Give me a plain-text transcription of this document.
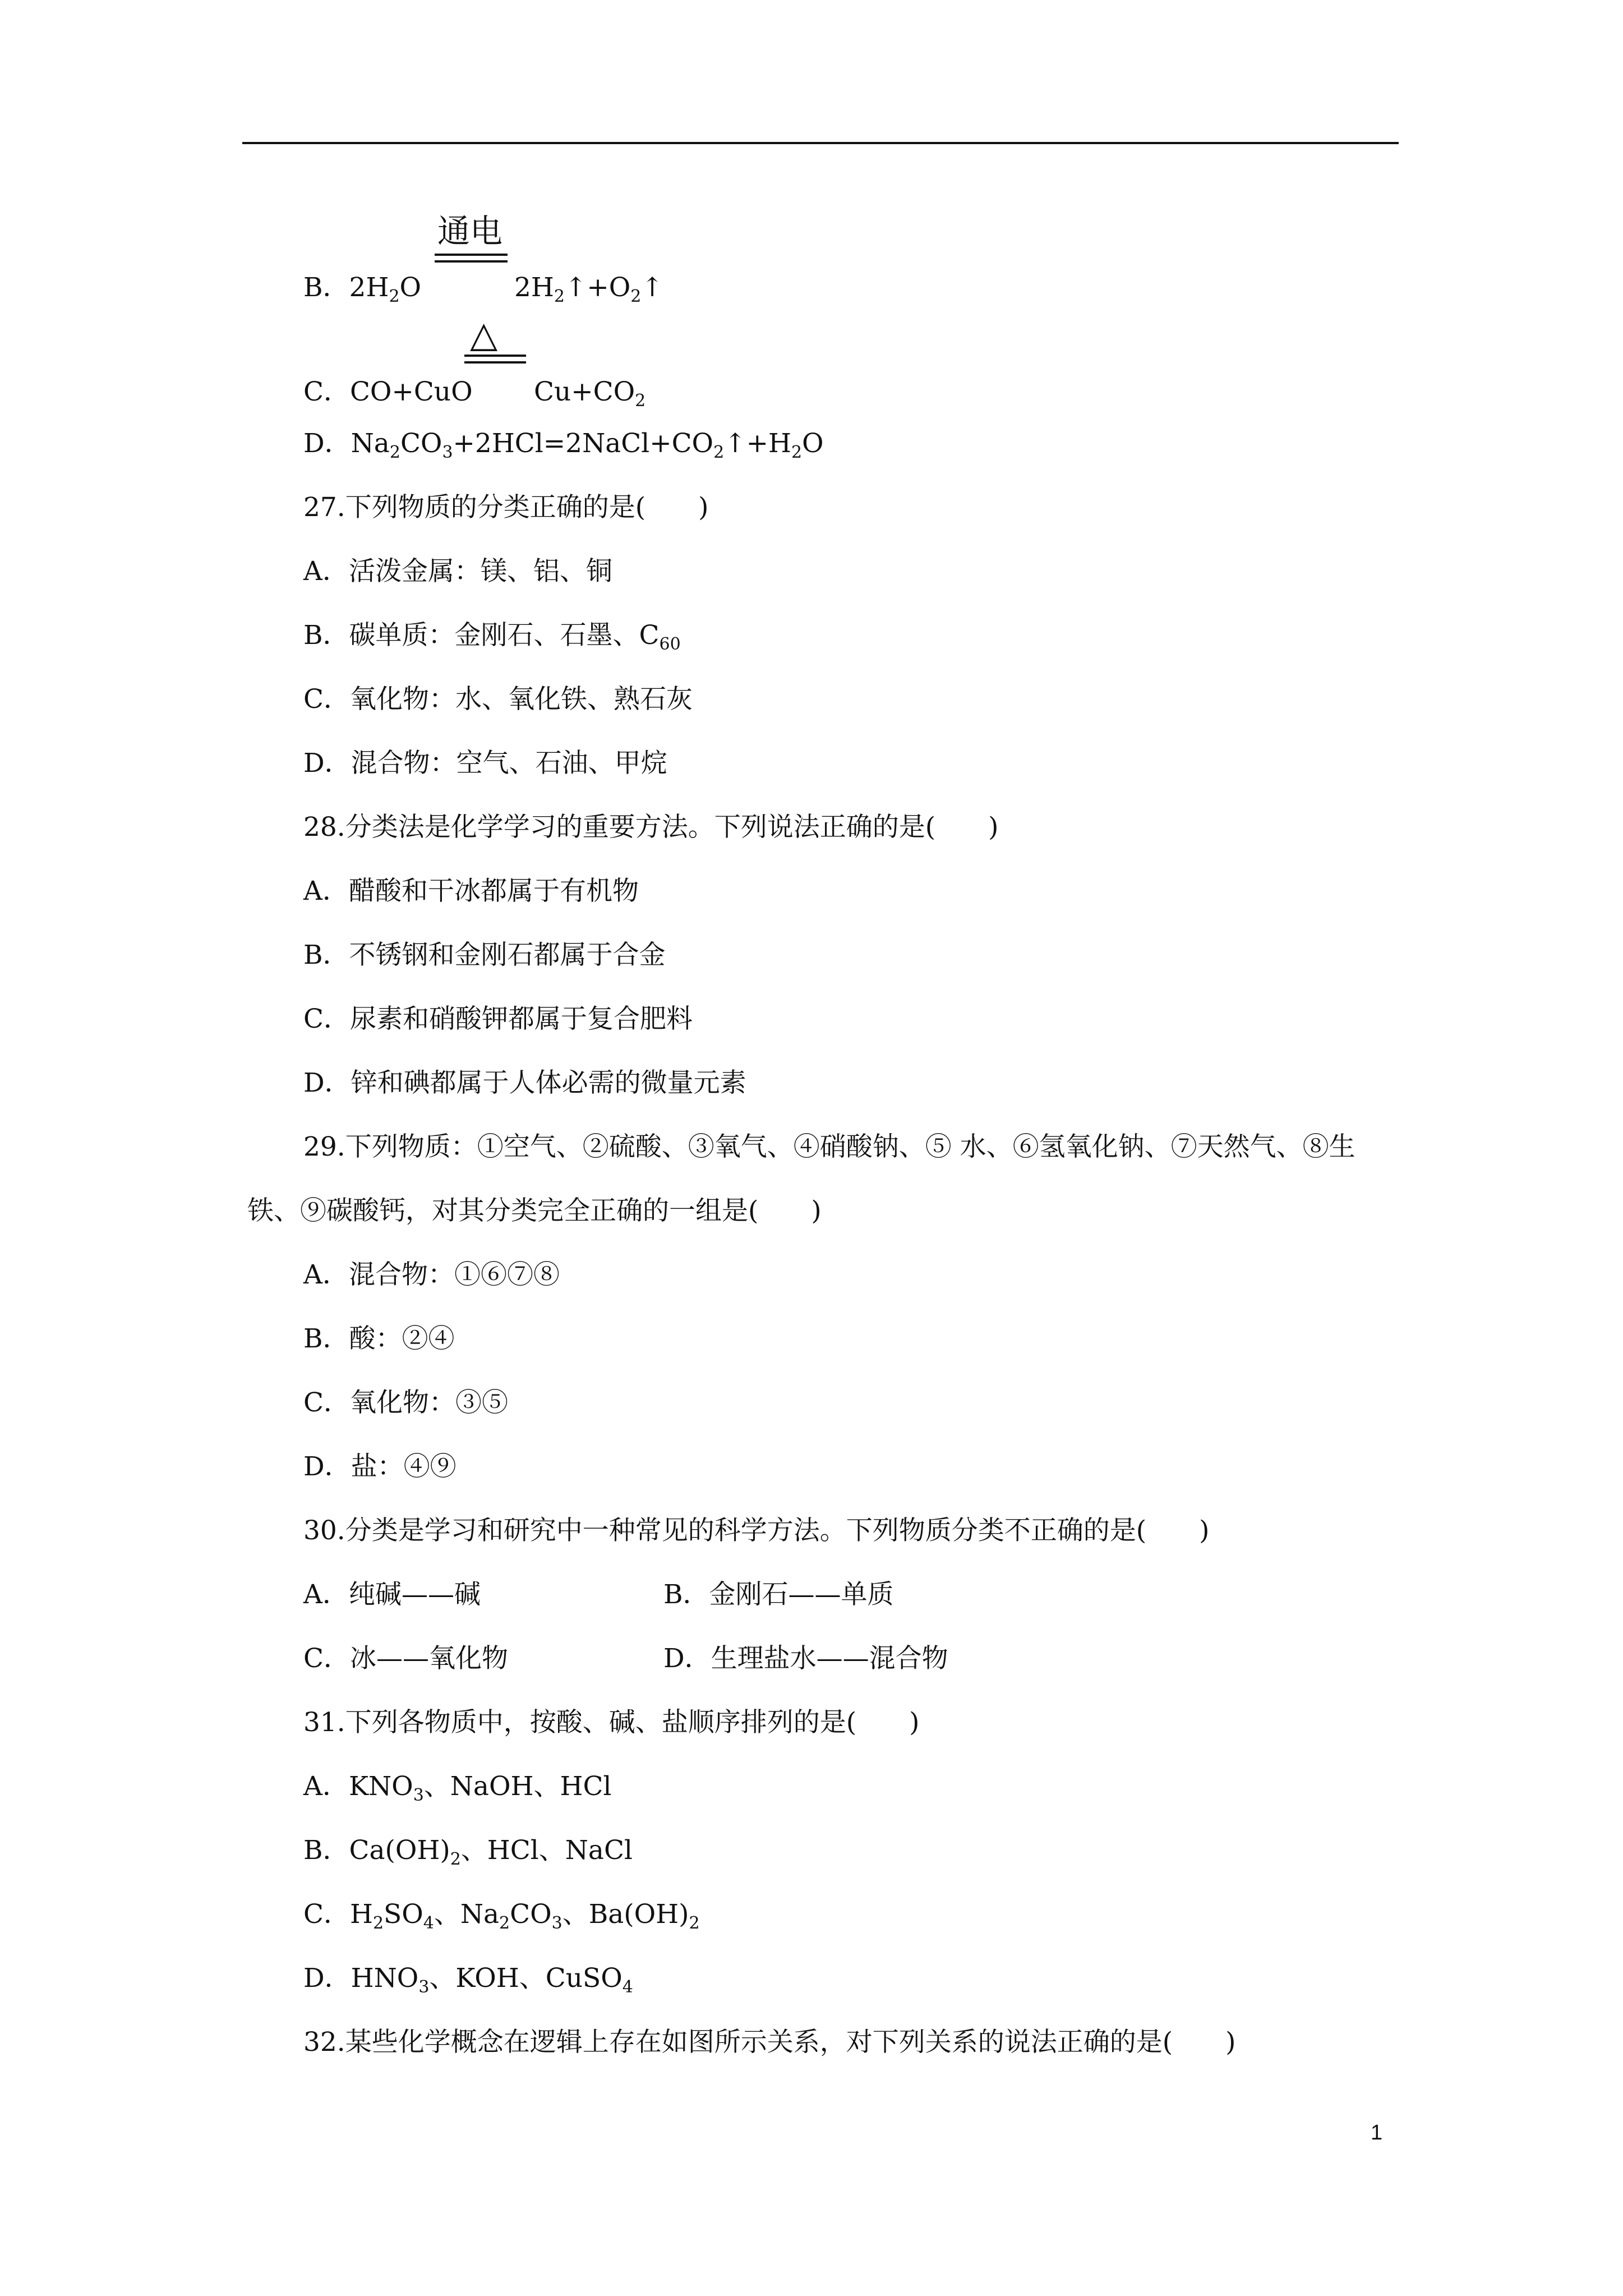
通电
B．$2H_2O$	$2H_2↑+O_2↑$
△
C．CO+CuO $Cu+CO_2$
D．$Na_2CO_3+2HCl=2NaCl+CO_2↑+H_2O$
27.下列物质的分类正确的是(　　)
A．活泼金属：镁、铝、铜
B．碳单质：金刚石、石墨、$C_{60}$
C．氧化物：水、氧化铁、熟石灰
D．混合物：空气、石油、甲烷
28.分类法是化学学习的重要方法。下列说法正确的是(　　)
A．醋酸和干冰都属于有机物
B．不锈钢和金刚石都属于合金
C．尿素和硝酸钾都属于复合肥料
D．锌和碘都属于人体必需的微量元素
29.下列物质：①空气、②硫酸、③氧气、④硝酸钠、⑤ 水、⑥氢氧化钠、⑦天然气、⑧生
铁、⑨碳酸钙，对其分类完全正确的一组是(　　)
A．混合物：①⑥⑦⑧
B．酸：②④
C．氧化物：③⑤
D．盐：④⑨
30.分类是学习和研究中一种常见的科学方法。下列物质分类不正确的是(　　)
A．纯碱——碱	B．金刚石——单质
C．冰——氧化物	D．生理盐水——混合物
31.下列各物质中，按酸、碱、盐顺序排列的是(　　)
A．$KNO_3$、NaOH、HCl
B．$Ca(OH)_2$、HCl、NaCl
C．$H_2SO_4$、$Na_2CO_3$、$Ba(OH)_2$
D．$HNO_3$、KOH、CuSO$_4$
32.某些化学概念在逻辑上存在如图所示关系，对下列关系的说法正确的是(　　)
1
